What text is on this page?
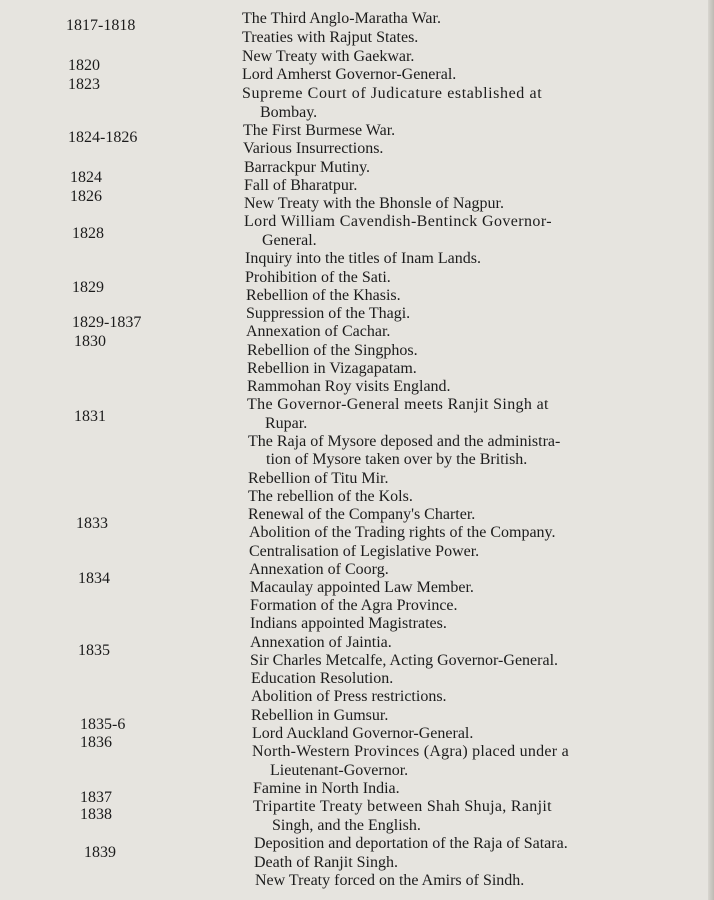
1817-1818
1820
1823
1824-1826
1824
1826
1828
1829
1829-1837
1830
1831
1833
1834
1835
1835-6
1836
1837
1838
1839
The Third Anglo-Maratha War.
Treaties with Rajput States.
New Treaty with Gaekwar.
Lord Amherst Governor-General.
Supreme Court of Judicature established at
Bombay.
The First Burmese War.
Various Insurrections.
Barrackpur Mutiny.
Fall of Bharatpur.
New Treaty with the Bhonsle of Nagpur.
Lord William Cavendish-Bentinck Governor-
General.
Inquiry into the titles of Inam Lands.
Prohibition of the Sati.
Rebellion of the Khasis.
Suppression of the Thagi.
Annexation of Cachar.
Rebellion of the Singphos.
Rebellion in Vizagapatam.
Rammohan Roy visits England.
The Governor-General meets Ranjit Singh at
Rupar.
The Raja of Mysore deposed and the administra-
tion of Mysore taken over by the British.
Rebellion of Titu Mir.
The rebellion of the Kols.
Renewal of the Company's Charter.
Abolition of the Trading rights of the Company.
Centralisation of Legislative Power.
Annexation of Coorg.
Macaulay appointed Law Member.
Formation of the Agra Province.
Indians appointed Magistrates.
Annexation of Jaintia.
Sir Charles Metcalfe, Acting Governor-General.
Education Resolution.
Abolition of Press restrictions.
Rebellion in Gumsur.
Lord Auckland Governor-General.
North-Western Provinces (Agra) placed under a
Lieutenant-Governor.
Famine in North India.
Tripartite Treaty between Shah Shuja, Ranjit
Singh, and the English.
Deposition and deportation of the Raja of Satara.
Death of Ranjit Singh.
New Treaty forced on the Amirs of Sindh.
